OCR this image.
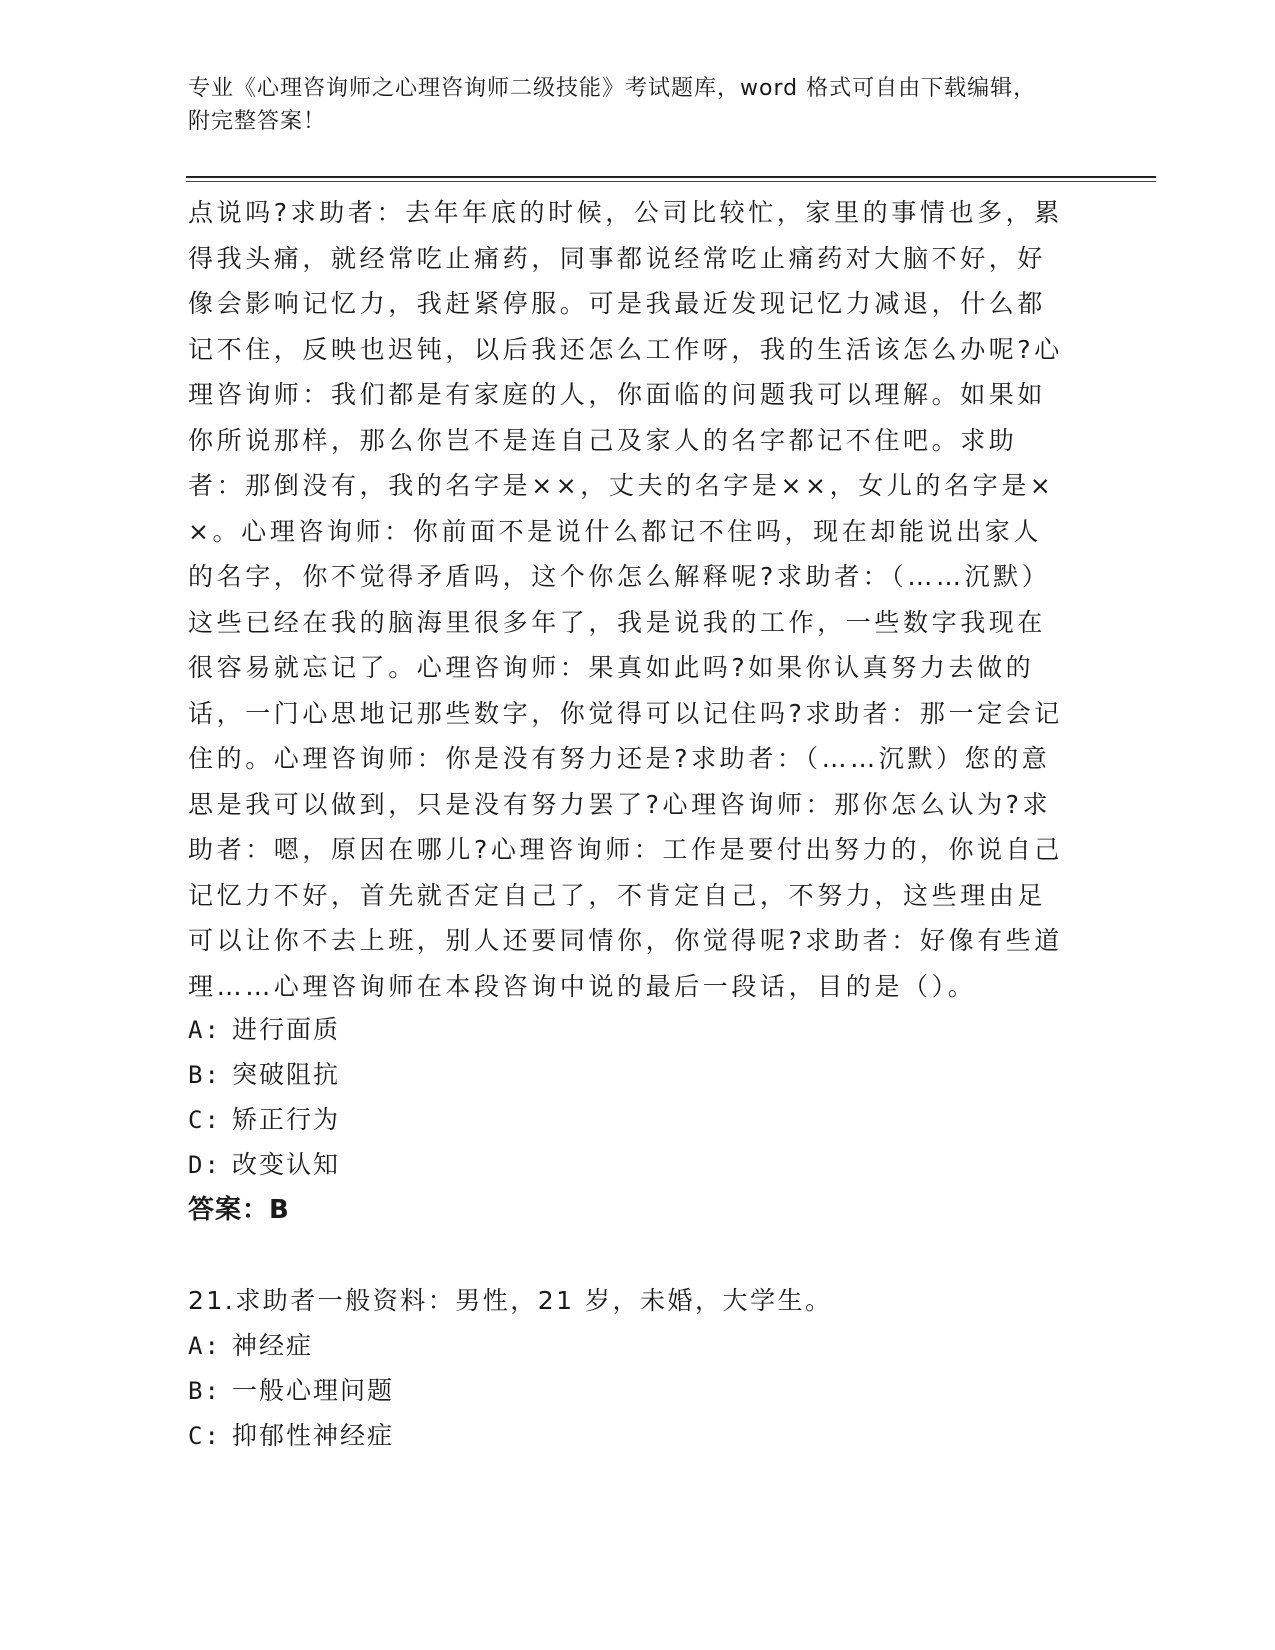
专业《心理咨询师之心理咨询师二级技能》考试题库，word 格式可自由下载编辑，附完整答案！
点说吗?求助者：去年年底的时候，公司比较忙，家里的事情也多，累得我头痛，就经常吃止痛药，同事都说经常吃止痛药对大脑不好，好像会影响记忆力，我赶紧停服。可是我最近发现记忆力减退，什么都记不住，反映也迟钝，以后我还怎么工作呀，我的生活该怎么办呢?心理咨询师：我们都是有家庭的人，你面临的问题我可以理解。如果如你所说那样，那么你岂不是连自己及家人的名字都记不住吧。求助者：那倒没有，我的名字是××，丈夫的名字是××，女儿的名字是××。心理咨询师：你前面不是说什么都记不住吗，现在却能说出家人的名字，你不觉得矛盾吗，这个你怎么解释呢?求助者：（……沉默）这些已经在我的脑海里很多年了，我是说我的工作，一些数字我现在很容易就忘记了。心理咨询师：果真如此吗?如果你认真努力去做的话，一门心思地记那些数字，你觉得可以记住吗?求助者：那一定会记住的。心理咨询师：你是没有努力还是?求助者：（……沉默）您的意思是我可以做到，只是没有努力罢了?心理咨询师：那你怎么认为?求助者：嗯，原因在哪儿?心理咨询师：工作是要付出努力的，你说自己记忆力不好，首先就否定自己了，不肯定自己，不努力，这些理由足可以让你不去上班，别人还要同情你，你觉得呢?求助者：好像有些道理……心理咨询师在本段咨询中说的最后一段话，目的是（）。
A: 进行面质
B: 突破阻抗
C: 矫正行为
D: 改变认知
答案：B
21.求助者一般资料：男性，21 岁，未婚，大学生。
A: 神经症
B: 一般心理问题
C: 抑郁性神经症
